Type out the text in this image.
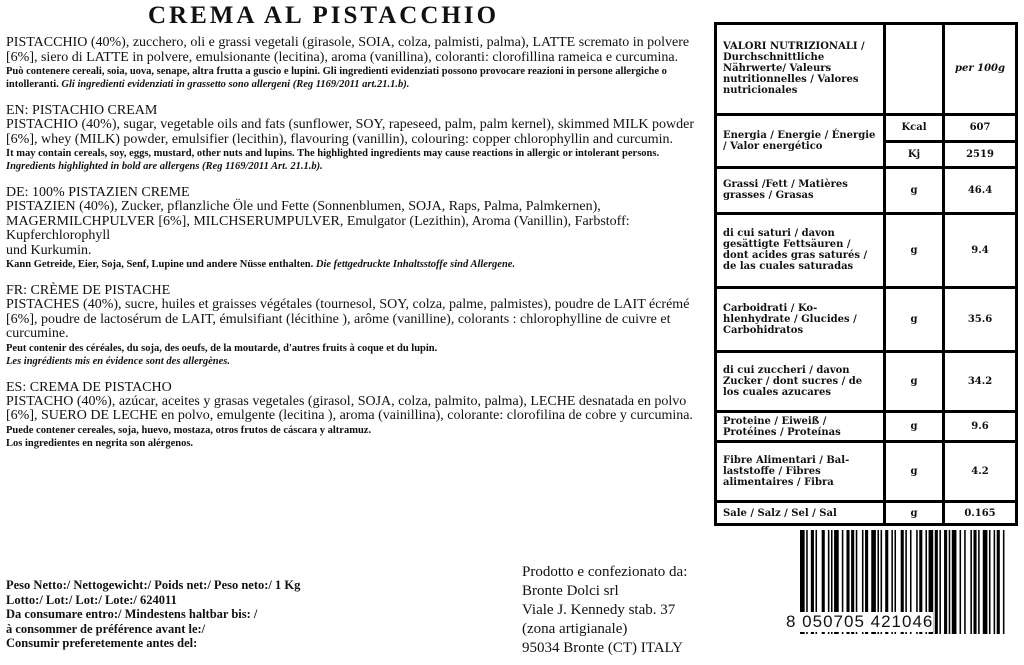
CREMA AL PISTACCHIO
PISTACCHIO (40%), zucchero, oli e grassi vegetali (girasole, SOIA, colza, palmisti, palma), LATTE scremato in polvere [6%], siero di LATTE in polvere, emulsionante (lecitina), aroma (vanillina), coloranti: clorofillina rameica e curcumina.
Può contenere cereali, soia, uova, senape, altra frutta a guscio e lupini. Gli ingredienti evidenziati possono provocare reazioni in persone allergiche o intolleranti. Gli ingredienti evidenziati in grassetto sono allergeni (Reg 1169/2011 art.21.1.b).
EN: PISTACHIO CREAM
PISTACHIO (40%), sugar, vegetable oils and fats (sunflower, SOY, rapeseed, palm, palm kernel), skimmed MILK powder [6%], whey (MILK) powder, emulsifier (lecithin), flavouring (vanillin), colouring: copper chlorophyllin and curcumin.
It may contain cereals, soy, eggs, mustard, other nuts and lupins. The highlighted ingredients may cause reactions in allergic or intolerant persons. Ingredients highlighted in bold are allergens (Reg 1169/2011 Art. 21.1.b).
DE: 100% PISTAZIEN CREME
PISTAZIEN (40%), Zucker, pflanzliche Öle und Fette (Sonnenblumen, SOJA, Raps, Palma, Palmkernen), MAGERMILCHPULVER [6%], MILCHSERUMPULVER, Emulgator (Lezithin), Aroma (Vanillin), Farbstoff: Kupferchlorophyll
und Kurkumin.
Kann Getreide, Eier, Soja, Senf, Lupine und andere Nüsse enthalten. Die fettgedruckte Inhaltsstoffe sind Allergene.
FR: CRÈME DE PISTACHE
PISTACHES (40%), sucre, huiles et graisses végétales (tournesol, SOY, colza, palme, palmistes), poudre de LAIT écrémé [6%], poudre de lactosérum de LAIT, émulsifiant (lécithine ), arôme (vanilline), colorants : chlorophylline de cuivre et curcumine.
Peut contenir des céréales, du soja, des oeufs, de la moutarde, d'autres fruits à coque et du lupin.
Les ingrédients mis en évidence sont des allergènes.
ES: CREMA DE PISTACHO
PISTACHO (40%), azúcar, aceites y grasas vegetales (girasol, SOJA, colza, palmito, palma), LECHE desnatada en polvo [6%], SUERO DE LECHE en polvo, emulgente (lecitina ), aroma (vainillina), colorante: clorofilina de cobre y curcumina.
Puede contener cereales, soja, huevo, mostaza, otros frutos de cáscara y altramuz.
Los ingredientes en negrita son alérgenos.
Peso Netto:/ Nettogewicht:/ Poids net:/ Peso neto:/ 1 Kg
Lotto:/ Lot:/ Lot:/ Lote:/ 624011
Da consumare entro:/ Mindestens haltbar bis: /
à consommer de préférence avant le:/
Consumir preferetemente antes del:
Prodotto e confezionato da:
Bronte Dolci srl
Viale J. Kennedy stab. 37
(zona artigianale)
95034 Bronte (CT) ITALY
VALORI NUTRIZIONALI / Durchschnittliche Nährwerte/ Valeurs nutritionnelles / Valores nutricionales		per 100g
Energia / Energie / Énergie / Valor energético	Kcal	607
	Kj	2519
Grassi /Fett / Matières grasses / Grasas	g	46.4
di cui saturi / davon gesättigte Fettsäuren / dont acides gras saturés / de las cuales saturadas	g	9.4
Carboidrati / Ko-hlenhydrate / Glucides / Carbohidratos	g	35.6
di cui zuccheri / davon Zucker / dont sucres / de los cuales azucares	g	34.2
Proteine / Eiweiß / Protéines / Proteínas	g	9.6
Fibre Alimentari / Bal-laststoffe / Fibres alimentaires / Fibra	g	4.2
Sale / Salz / Sel / Sal	g	0.165
8 050705 421046
